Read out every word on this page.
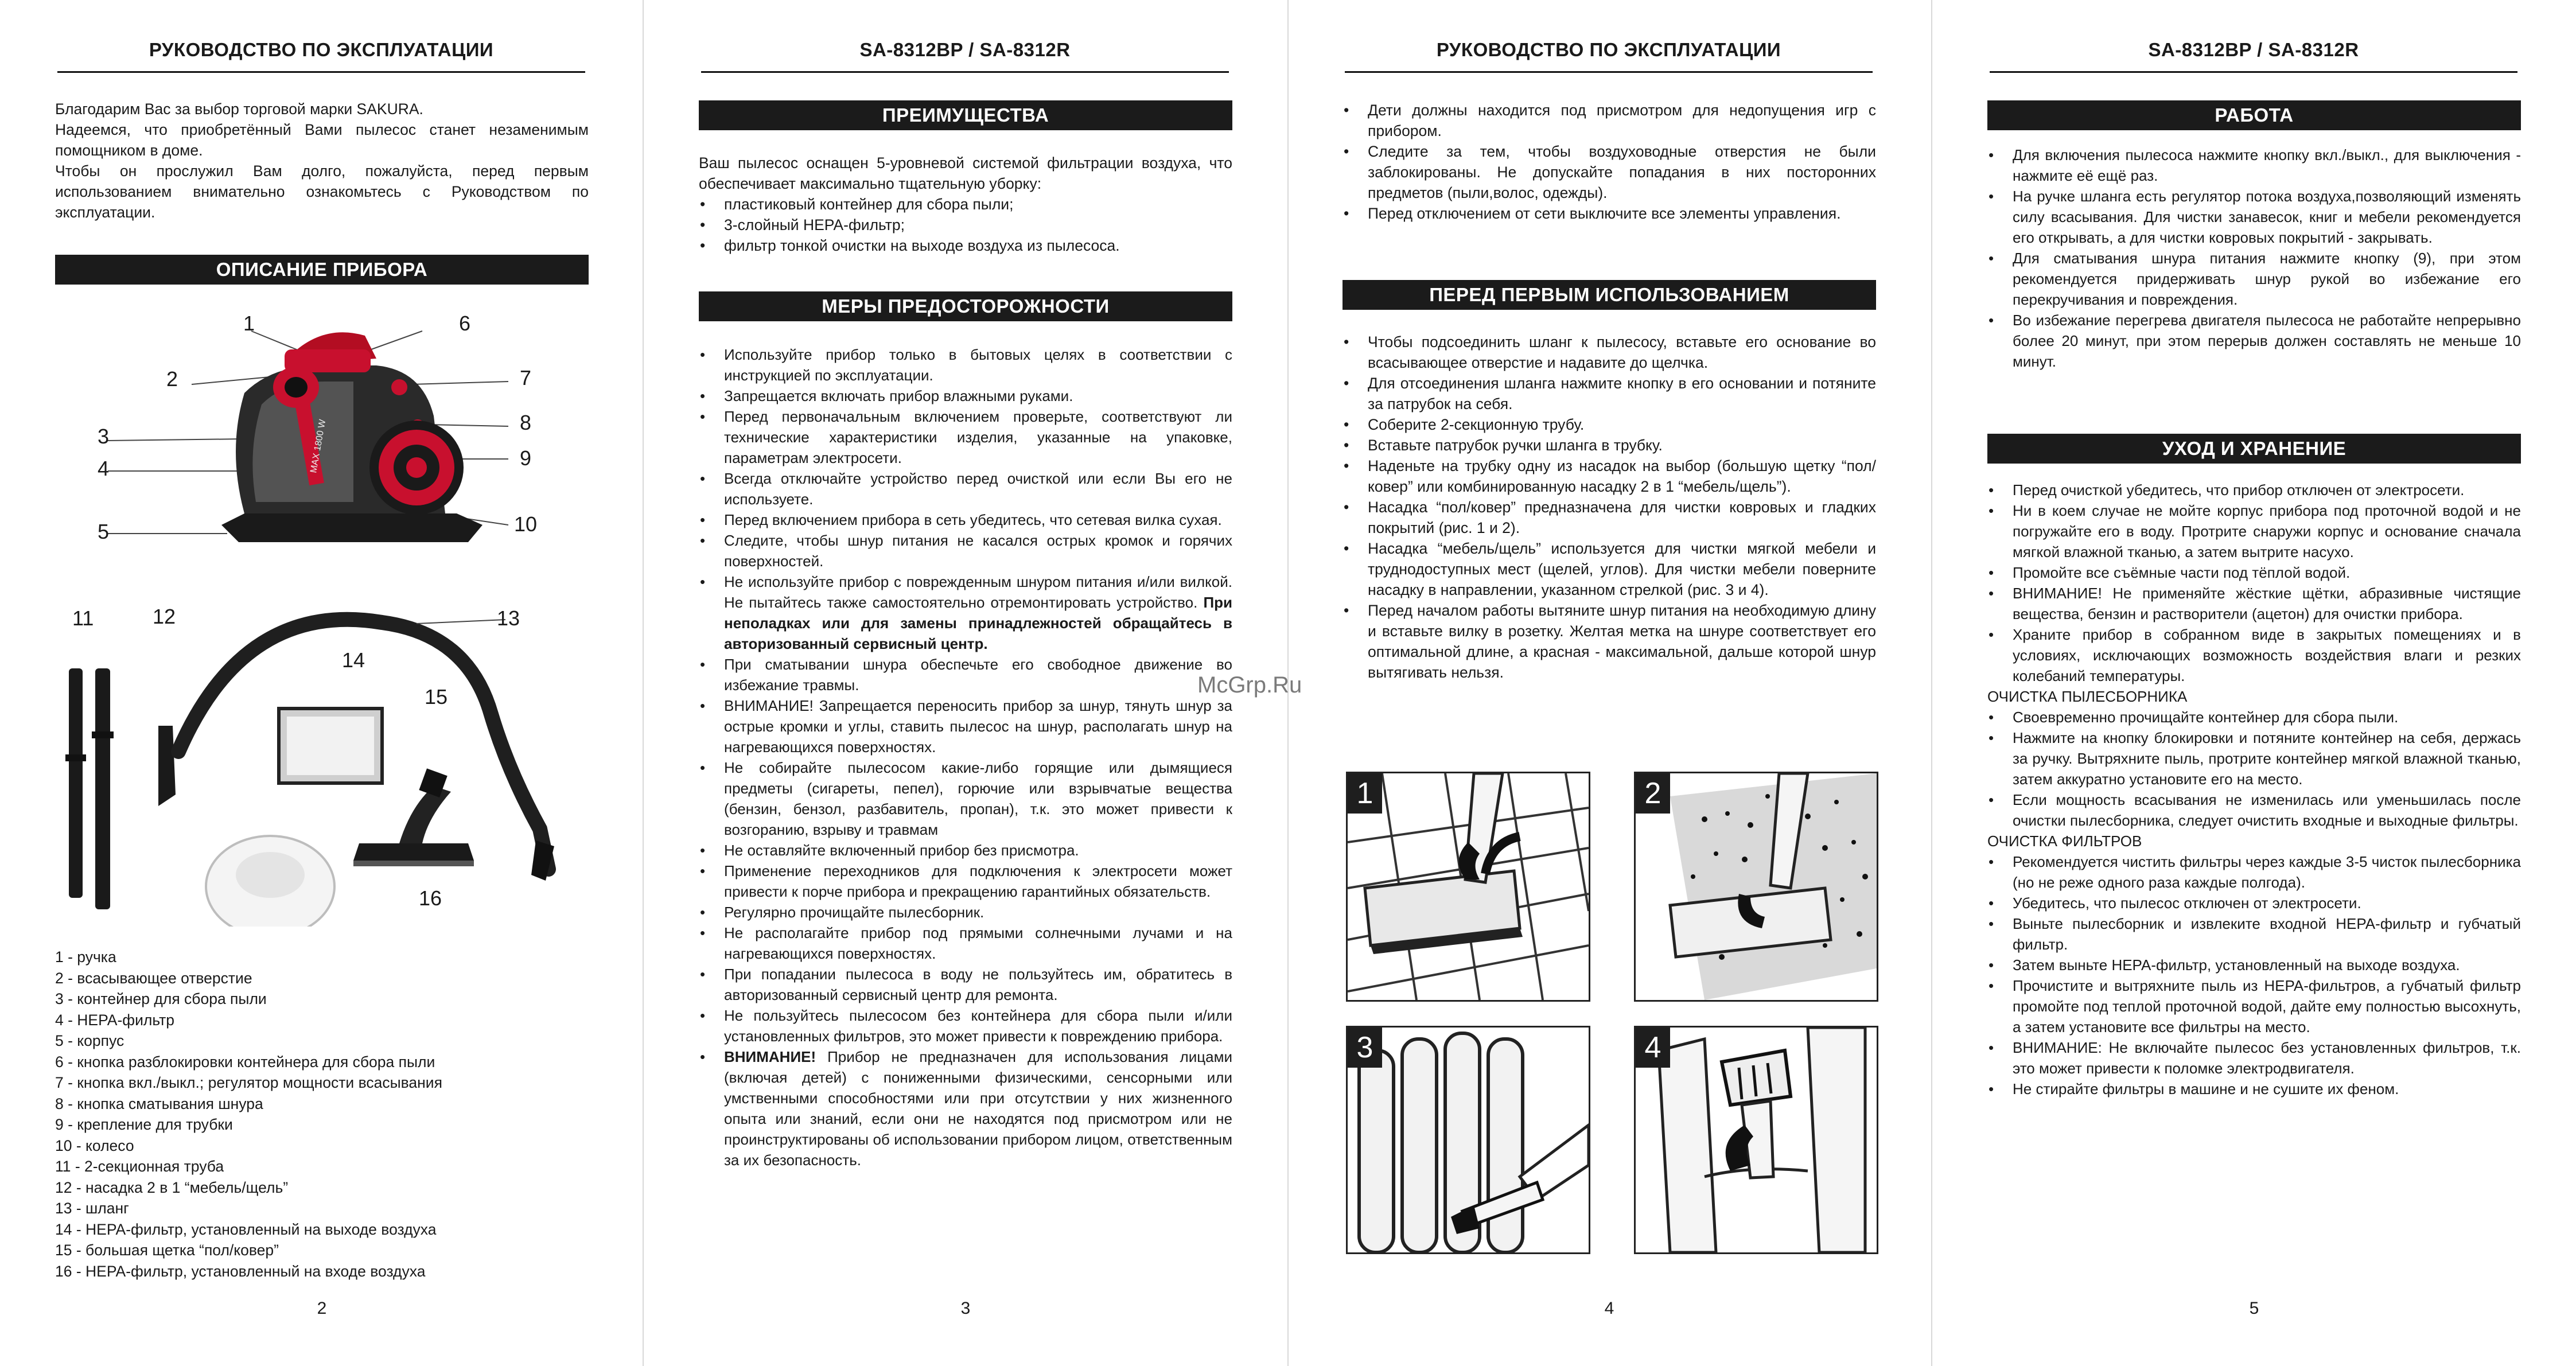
McGrp.Ru
РУКОВОДСТВО ПО ЭКСПЛУАТАЦИИ

Благодарим Вас за выбор торговой марки SAKURA.

Надеемся, что приобретённый Вами пылесос станет незаменимым помощником в доме.

Чтобы он прослужил Вам долго, пожалуйста, перед первым использованием внимательно ознакомьтесь с Руководством по эксплуатации.

ОПИСАНИЕ ПРИБОРА
MAX 1800 W
1
2
3
4
5
6
7
8
9
10
11	12	13
14
15
16
1 - ручка
2 - всасывающее отверстие
3 - контейнер для сбора пыли
4 - HEPA-фильтр
5 - корпус
6 - кнопка разблокировки контейнера для сбора пыли
7 - кнопка вкл./выкл.; регулятор мощности всасывания
8 - кнопка сматывания шнура
9 - крепление для трубки
10 - колесо
11 - 2-секционная труба
12 - насадка 2 в 1 “мебель/щель”
13 - шланг
14 - HEPA-фильтр, установленный на выходе воздуха
15 - большая щетка “пол/ковер”
16 - HEPA-фильтр, установленный на входе воздуха
2
SA-8312BP / SA-8312R
ПРЕИМУЩЕСТВА

Ваш пылесос оснащен 5-уровневой системой фильтрации воздуха, что обеспечивает максимально тщательную уборку:

• пластиковый контейнер для сбора пыли;
• 3-слойный HEPA-фильтр;
• фильтр тонкой очистки на выходе воздуха из пылесоса.
МЕРЫ ПРЕДОСТОРОЖНОСТИ
• Используйте прибор только в бытовых целях в соответствии с инструкцией по эксплуатации.
• Запрещается включать прибор влажными руками.
• Перед первоначальным включением проверьте, соответствуют ли технические характеристики изделия, указанные на упаковке, параметрам электросети.
• Всегда отключайте устройство перед очисткой или если Вы его не используете.
• Перед включением прибора в сеть убедитесь, что сетевая вилка сухая.
• Следите, чтобы шнур питания не касался острых кромок и горячих поверхностей.
• Не используйте прибор с поврежденным шнуром питания и/или вилкой. Не пытайтесь также самостоятельно отремонтировать устройство. При неполадках или для замены принадлежностей обращайтесь в авторизованный сервисный центр.
• При сматывании шнура обеспечьте его свободное движение во избежание травмы.
• ВНИМАНИЕ! Запрещается переносить прибор за шнур, тянуть шнур за острые кромки и углы, ставить пылесос на шнур, располагать шнур на нагревающихся поверхностях.
• Не собирайте пылесосом какие-либо горящие или дымящиеся предметы (сигареты, пепел), горючие или взрывчатые вещества (бензин, бензол, разбавитель, пропан), т.к. это может привести к возгоранию, взрыву и травмам
• Не оставляйте включенный прибор без присмотра.
• Применение переходников для подключения к электросети может привести к порче прибора и прекращению гарантийных обязательств.
• Регулярно прочищайте пылесборник.
• Не располагайте прибор под прямыми солнечными лучами и на нагревающихся поверхностях.
• При попадании пылесоса в воду не пользуйтесь им, обратитесь в авторизованный сервисный центр для ремонта.
• Не пользуйтесь пылесосом без контейнера для сбора пыли и/или установленных фильтров, это может привести к повреждению прибора.
• ВНИМАНИЕ! Прибор не предназначен для использования лицами (включая детей) с пониженными физическими, сенсорными или умственными способностями или при отсутствии у них жизненного опыта или знаний, если они не находятся под присмотром или не проинструктированы об использовании прибором лицом, ответственным за их безопасность.
3
РУКОВОДСТВО ПО ЭКСПЛУАТАЦИИ
• Дети должны находится под присмотром для недопущения игр с прибором.
• Следите за тем, чтобы воздуховодные отверстия не были заблокированы. Не допускайте попадания в них посторонних предметов (пыли,волос, одежды).
• Перед отключением от сети выключите все элементы управления.
ПЕРЕД ПЕРВЫМ ИСПОЛЬЗОВАНИЕМ
• Чтобы подсоединить шланг к пылесосу, вставьте его основание во всасывающее отверстие и надавите до щелчка.
• Для отсоединения шланга нажмите кнопку в его основании и потяните за патрубок на себя.
• Соберите 2-секционную трубу.
• Вставьте патрубок ручки шланга в трубку.
• Наденьте на трубку одну из насадок на выбор (большую щетку “пол/ковер” или комбинированную насадку 2 в 1 “мебель/щель”).
• Насадка “пол/ковер” предназначена для чистки ковровых и гладких покрытий (рис. 1 и 2).
• Насадка “мебель/щель” используется для чистки мягкой мебели и труднодоступных мест (щелей, углов). Для чистки мебели поверните насадку в направлении, указанном стрелкой (рис. 3 и 4).
• Перед началом работы вытяните шнур питания на необходимую длину и вставьте вилку в розетку. Желтая метка на шнуре соответствует его оптимальной длине, а красная - максимальной, дальше которой шнур вытягивать нельзя.
1	2
3	4
4
SA-8312BP / SA-8312R
РАБОТА
• Для включения пылесоса нажмите кнопку вкл./выкл., для выключения - нажмите её ещё раз.
• На ручке шланга есть регулятор потока воздуха,позволяющий изменять силу всасывания. Для чистки занавесок, книг и мебели рекомендуется его открывать, а для чистки ковровых покрытий - закрывать.
• Для сматывания шнура питания нажмите кнопку (9), при этом рекомендуется придерживать шнур рукой во избежание его перекручивания и повреждения.
• Во избежание перегрева двигателя пылесоса не работайте непрерывно более 20 минут, при этом перерыв должен составлять не меньше 10 минут.
УХОД И ХРАНЕНИЕ
• Перед очисткой убедитесь, что прибор отключен от электросети.
• Ни в коем случае не мойте корпус прибора под проточной водой и не погружайте его в воду. Протрите снаружи корпус и основание сначала мягкой влажной тканью, а затем вытрите насухо.
• Промойте все съёмные части под тёплой водой.
• ВНИМАНИЕ! Не применяйте жёсткие щётки, абразивные чистящие вещества, бензин и растворители (ацетон) для очистки прибора.
• Храните прибор в собранном виде в закрытых помещениях и в условиях, исключающих возможность воздействия влаги и резких колебаний температуры.

ОЧИСТКА ПЫЛЕСБОРНИКА

• Своевременно прочищайте контейнер для сбора пыли.
• Нажмите на кнопку блокировки и потяните контейнер на себя, держась за ручку. Вытряхните пыль, протрите контейнер мягкой влажной тканью, затем аккуратно установите его на место.
• Если мощность всасывания не изменилась или уменьшилась после очистки пылесборника, следует очистить входные и выходные фильтры.

ОЧИСТКА ФИЛЬТРОВ

• Рекомендуется чистить фильтры через каждые 3-5 чисток пылесборника (но не реже одного раза каждые полгода).
• Убедитесь, что пылесос отключен от электросети.
• Выньте пылесборник и извлеките входной HEPA-фильтр и губчатый фильтр.
• Затем выньте HEPA-фильтр, установленный на выходе воздуха.
• Прочистите и вытряхните пыль из HEPA-фильтров, а губчатый фильтр промойте под теплой проточной водой, дайте ему полностью высохнуть, а затем установите все фильтры на место.
• ВНИМАНИЕ: Не включайте пылесос без установленных фильтров, т.к. это может привести к поломке электродвигателя.
• Не стирайте фильтры в машине и не сушите их феном.
5
